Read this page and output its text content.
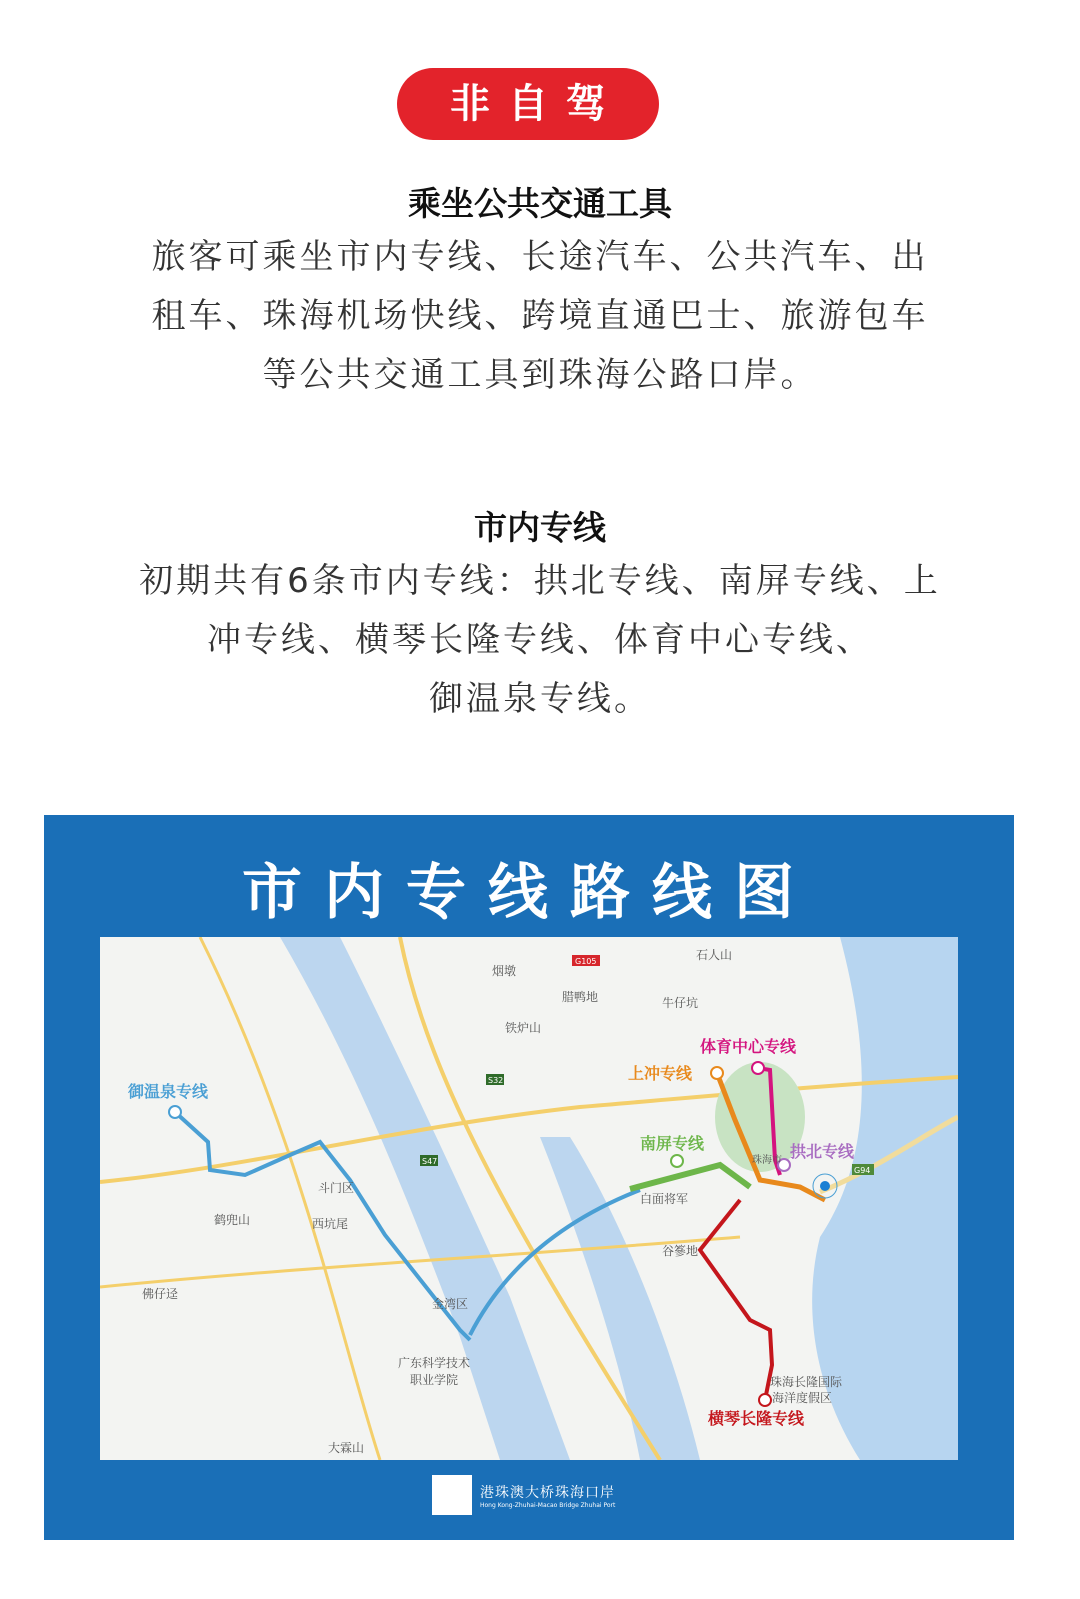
非自驾
乘坐公共交通工具
旅客可乘坐市内专线、长途汽车、公共汽车、出
租车、珠海机场快线、跨境直通巴士、旅游包车
等公共交通工具到珠海公路口岸。
市内专线
初期共有6条市内专线：拱北专线、南屏专线、上
冲专线、横琴长隆专线、体育中心专线、
御温泉专线。
市内专线路线图
御温泉专线
体育中心专线
上冲专线
南屏专线	拱北专线
横琴长隆专线
烟墩
腊鸭地
铁炉山
石人山
牛仔坑
斗门区
鹤兜山	西坑尾
佛仔迳
金湾区
广东科学技术
职业学院
大霖山
白面将军
谷篸地
珠海市
珠海长隆国际
海洋度假区
G105
S32
S47
G94
港珠澳大桥珠海口岸
Hong Kong-Zhuhai-Macao Bridge Zhuhai Port
